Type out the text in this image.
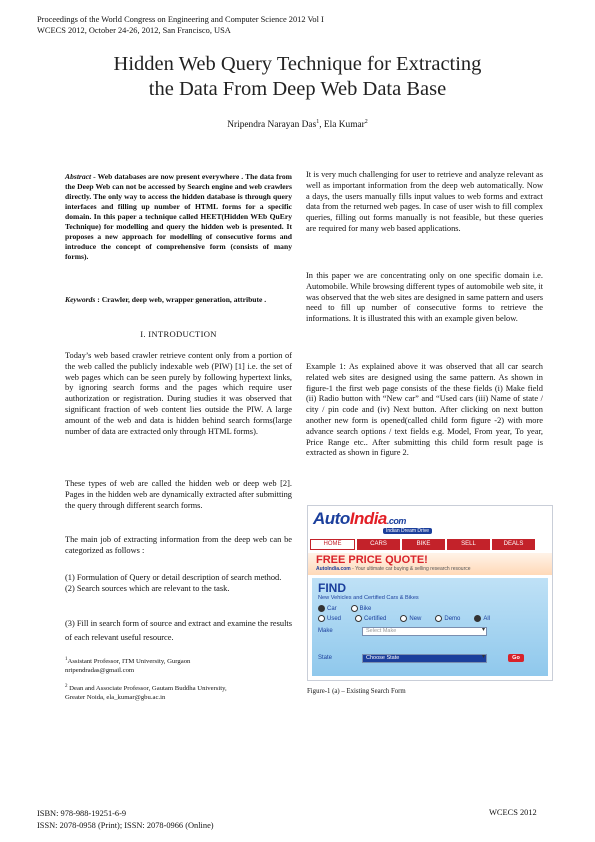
Proceedings of the World Congress on Engineering and Computer Science 2012 Vol I
WCECS 2012, October 24-26, 2012, San Francisco, USA
Hidden Web Query Technique for Extracting
the Data From Deep Web Data Base
Nripendra Narayan Das$^1$, Ela Kumar$^2$
Abstract - Web databases are now present everywhere . The data from the Deep Web can not be accessed by Search engine and web crawlers directly. The only way to access the hidden database is through query interfaces and filling up number of HTML forms for a specific domain. In this paper a technique called HEET(Hidden WEb QuEry Technique) for modelling and query the hidden web is presented. It proposes a new approach for modelling of consecutive forms and introduce the concept of comprehensive form (consists of many forms).
Keywords : Crawler, deep web, wrapper generation, attribute .
I. INTRODUCTION

Today’s web based crawler retrieve content only from a portion of the web called the publicly indexable web (PIW) [1] i.e. the set of web pages which can be seen purely by following hypertext links, by ignoring search forms and the pages which require user authorization or registration. During studies it was observed that significant fraction of web content lies outside the PIW. A large amount of the web and data is hidden behind search forms(large number of data are extracted only through HTML forms).

These types of web are called the hidden web or deep web [2]. Pages in the hidden web are dynamically extracted after submitting the query through different search forms.

The main job of extracting information from the deep web can be categorized as follows :

(1) Formulation of Query or detail description of search method.
(2) Search sources which are relevant to the task.

(3) Fill in search form of source and extract and examine the results of each relevant useful resource.

$^1$Assistant Professor, ITM University, Gurgaon
nripendradas@gmail.com
$^2$ Dean and Associate Professor, Gautam Buddha University,
Greater Noida, ela_kumar@gbu.ac.in

It is very much challenging for user to retrieve and analyze relevant as well as important information from the deep web automatically. Now a days, the users manually fills input values to web forms and extract data from the returned web pages. In case of user wish to fill complex queries, filling out forms manually is not feasible, but these queries are required for many web based applications.

In this paper we are concentrating only on one specific domain i.e. Automobile. While browsing different types of automobile web site, it was observed that the web sites are designed in same pattern and users need to fill up number of consecutive forms to retrieve the informations. It is illustrated this with an example given below.

Example 1: As explained above it was observed that all car search related web sites are designed using the same pattern. As shown in figure-1 the first web page consists of the these fields (i) Make field (ii) Radio button with “New car” and “Used cars (iii) Name of state / city / pin code and (iv) Next button. After clicking on next button another new form is opened(called child form figure -2) with more advance search options / text fields e.g. Model, From year, To year, Price Range etc.. After submitting this child form result page is extracted as shown in figure 2.

AutoIndia.com
Indian Dream Drive
HOME	CARS	BIKE	SELL	DEALS
FREE PRICE QUOTE!
AutoIndia.com - Your ultimate car buying & selling research resource
FIND
New Vehicles and Certified Cars & Bikes
Car	Bike
Used	Certified	New	Demo	All
Make	Select Make ▾
State	Choose State ▾	Go
Figure-1 (a) – Existing Search Form
ISBN: 978-988-19251-6-9
ISSN: 2078-0958 (Print); ISSN: 2078-0966 (Online)
WCECS 2012
